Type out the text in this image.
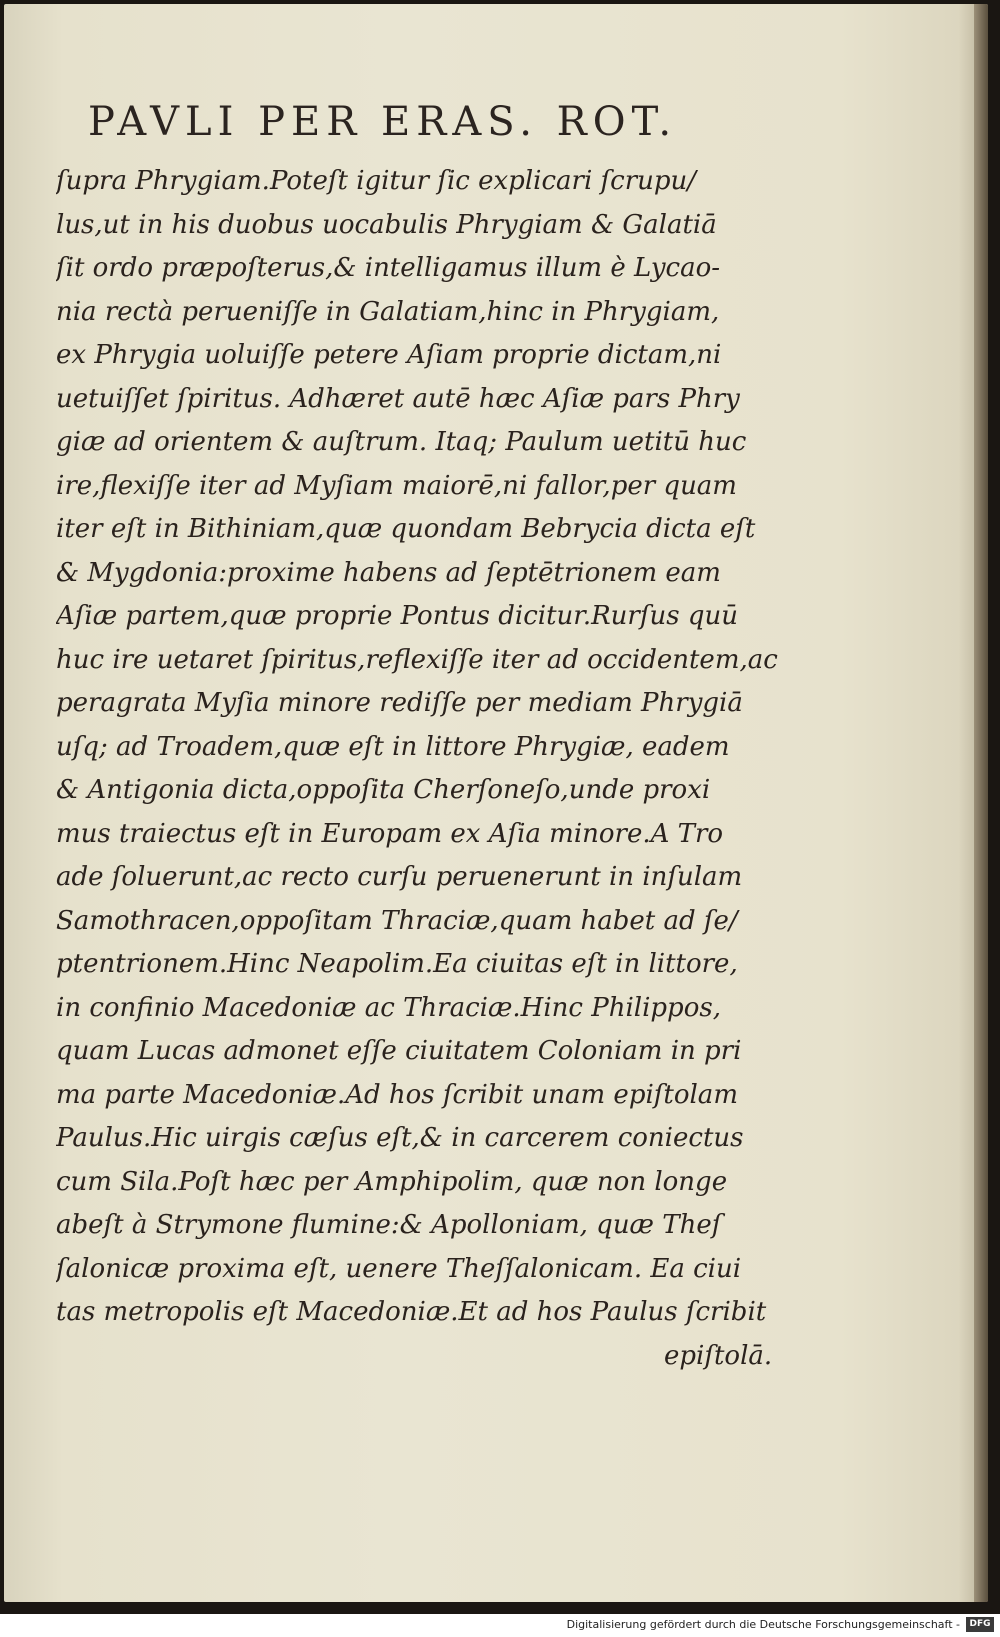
PAVLI PER ERAS. ROT.
ſupra Phrygiam.Poteſt igitur ſic explicari ſcrupu/
lus,ut in his duobus uocabulis Phrygiam & Galatiā
ſit ordo præpoſterus,& intelligamus illum è Lycao‑
nia rectà perueniſſe in Galatiam,hinc in Phrygiam,
ex Phrygia uoluiſſe petere Aſiam proprie dictam,ni
uetuiſſet ſpiritus. Adhæret autē hæc Aſiæ pars Phry
giæ ad orientem & auſtrum. Itaq; Paulum uetitū huc
ire,flexiſſe iter ad Myſiam maiorē,ni fallor,per quam
iter eſt in Bithiniam,quæ quondam Bebrycia dicta eſt
& Mygdonia:proxime habens ad ſeptētrionem eam
Aſiæ partem,quæ proprie Pontus dicitur.Rurſus quū
huc ire uetaret ſpiritus,reflexiſſe iter ad occidentem,ac
peragrata Myſia minore rediſſe per mediam Phrygiā
uſq; ad Troadem,quæ eſt in littore Phrygiæ, eadem
& Antigonia dicta,oppoſita Cherſoneſo,unde proxi
mus traiectus eſt in Europam ex Aſia minore.A Tro
ade ſoluerunt,ac recto curſu peruenerunt in inſulam
Samothracen,oppoſitam Thraciæ,quam habet ad ſe/
ptentrionem.Hinc Neapolim.Ea ciuitas eſt in littore,
in confinio Macedoniæ ac Thraciæ.Hinc Philippos,
quam Lucas admonet eſſe ciuitatem Coloniam in pri
ma parte Macedoniæ.Ad hos ſcribit unam epiſtolam
Paulus.Hic uirgis cæſus eſt,& in carcerem coniectus
cum Sila.Poſt hæc per Amphipolim, quæ non longe
abeſt à Strymone flumine:& Apolloniam, quæ Theſ
ſalonicæ proxima eſt, uenere Theſſalonicam. Ea ciui
tas metropolis eſt Macedoniæ.Et ad hos Paulus ſcribit
epiſtolā.
Digitalisierung gefördert durch die Deutsche Forschungsgemeinschaft -	DFG
